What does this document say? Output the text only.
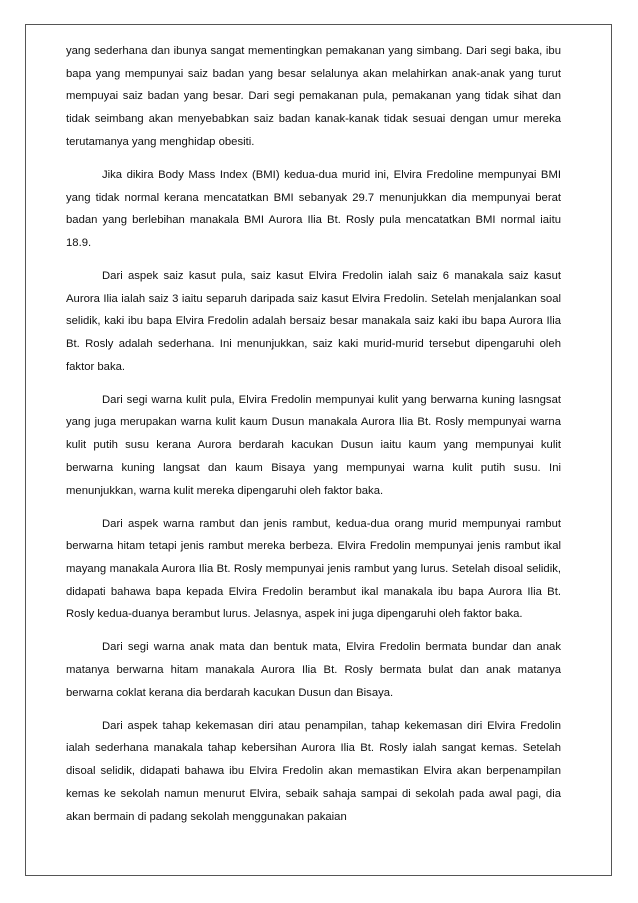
yang sederhana dan ibunya sangat mementingkan pemakanan yang simbang. Dari segi baka, ibu bapa yang mempunyai saiz badan yang besar selalunya akan melahirkan anak-anak yang turut mempuyai saiz badan yang besar. Dari segi pemakanan pula, pemakanan yang tidak sihat dan tidak seimbang akan menyebabkan saiz badan kanak-kanak tidak sesuai dengan umur mereka terutamanya yang menghidap obesiti.

Jika dikira Body Mass Index (BMI) kedua-dua murid ini, Elvira Fredoline mempunyai BMI yang tidak normal kerana mencatatkan BMI sebanyak 29.7 menunjukkan dia mempunyai berat badan yang berlebihan manakala BMI Aurora Ilia Bt. Rosly pula mencatatkan BMI normal iaitu 18.9.

Dari aspek saiz kasut pula, saiz kasut Elvira Fredolin ialah saiz 6 manakala saiz kasut Aurora Ilia ialah saiz 3 iaitu separuh daripada saiz kasut Elvira Fredolin. Setelah menjalankan soal selidik, kaki ibu bapa Elvira Fredolin adalah bersaiz besar manakala saiz kaki ibu bapa Aurora Ilia Bt. Rosly adalah sederhana. Ini menunjukkan, saiz kaki murid-murid tersebut dipengaruhi oleh faktor baka.

Dari segi warna kulit pula, Elvira Fredolin mempunyai kulit yang berwarna kuning lasngsat yang juga merupakan warna kulit kaum Dusun manakala Aurora Ilia Bt. Rosly mempunyai warna kulit putih susu kerana Aurora berdarah kacukan Dusun iaitu kaum yang mempunyai kulit berwarna kuning langsat dan kaum Bisaya yang mempunyai warna kulit putih susu. Ini menunjukkan, warna kulit mereka dipengaruhi oleh faktor baka.

Dari aspek warna rambut dan jenis rambut, kedua-dua orang murid mempunyai rambut berwarna hitam tetapi jenis rambut mereka berbeza. Elvira Fredolin mempunyai jenis rambut ikal mayang manakala Aurora Ilia Bt. Rosly mempunyai jenis rambut yang lurus. Setelah disoal selidik, didapati bahawa bapa kepada Elvira Fredolin berambut ikal manakala ibu bapa Aurora Ilia Bt. Rosly kedua-duanya berambut lurus. Jelasnya, aspek ini juga dipengaruhi oleh faktor baka.

Dari segi warna anak mata dan bentuk mata, Elvira Fredolin bermata bundar dan anak matanya berwarna hitam manakala Aurora Ilia Bt. Rosly bermata bulat dan anak matanya berwarna coklat kerana dia berdarah kacukan Dusun dan Bisaya.

Dari aspek tahap kekemasan diri atau penampilan, tahap kekemasan diri Elvira Fredolin ialah sederhana manakala tahap kebersihan Aurora Ilia Bt. Rosly ialah sangat kemas. Setelah disoal selidik, didapati bahawa ibu Elvira Fredolin akan memastikan Elvira akan berpenampilan kemas ke sekolah namun menurut Elvira, sebaik sahaja sampai di sekolah pada awal pagi, dia akan bermain di padang sekolah menggunakan pakaian
